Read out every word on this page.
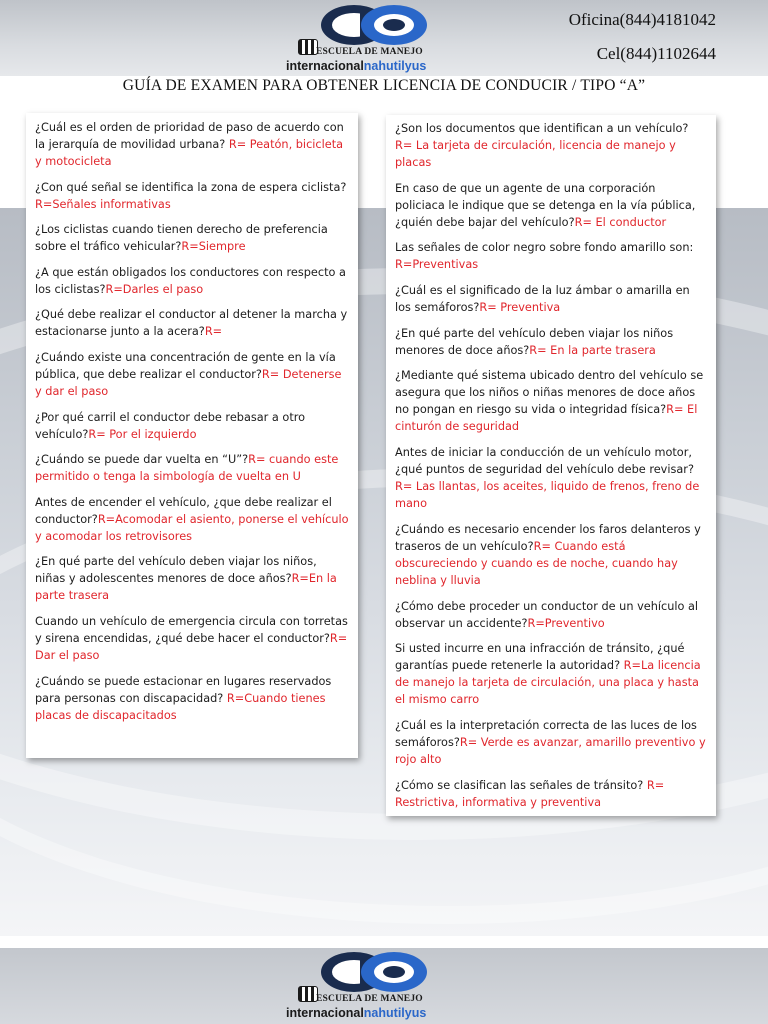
ESCUELA DE MANEJO
internacionalnahutilyus
Oficina(844)4181042
Cel(844)1102644
GUÍA DE EXAMEN PARA OBTENER LICENCIA DE CONDUCIR / TIPO “A”

¿Cuál es el orden de prioridad de paso de acuerdo con la jerarquía de movilidad urbana? R= Peatón, bicicleta y motocicleta

¿Con qué señal se identifica la zona de espera ciclista?R=Señales informativas

¿Los ciclistas cuando tienen derecho de preferencia sobre el tráfico vehicular?R=Siempre

¿A que están obligados los conductores con respecto a los ciclistas?R=Darles el paso

¿Qué debe realizar el conductor al detener la marcha y estacionarse junto a la acera?R=

¿Cuándo existe una concentración de gente en la vía pública, que debe realizar el conductor?R= Detenerse y dar el paso

¿Por qué carril el conductor debe rebasar a otro vehículo?R= Por el izquierdo

¿Cuándo se puede dar vuelta en “U”?R= cuando este permitido o tenga la simbología de vuelta en U

Antes de encender el vehículo, ¿que debe realizar el conductor?R=Acomodar el asiento, ponerse el vehículo y acomodar los retrovisores

¿En qué parte del vehículo deben viajar los niños, niñas y adolescentes menores de doce años?R=En la parte trasera

Cuando un vehículo de emergencia circula con torretas y sirena encendidas, ¿qué debe hacer el conductor?R= Dar el paso

¿Cuándo se puede estacionar en lugares reservados para personas con discapacidad? R=Cuando tienes placas de discapacitados

¿Son los documentos que identifican a un vehículo? R= La tarjeta de circulación, licencia de manejo y placas

En caso de que un agente de una corporación policiaca le indique que se detenga en la vía pública, ¿quién debe bajar del vehículo?R= El conductor

Las señales de color negro sobre fondo amarillo son: R=Preventivas

¿Cuál es el significado de la luz ámbar o amarilla en los semáforos?R= Preventiva

¿En qué parte del vehículo deben viajar los niños menores de doce años?R= En la parte trasera

¿Mediante qué sistema ubicado dentro del vehículo se asegura que los niños o niñas menores de doce años no pongan en riesgo su vida o integridad física?R= El cinturón de seguridad

Antes de iniciar la conducción de un vehículo motor, ¿qué puntos de seguridad del vehículo debe revisar?R= Las llantas, los aceites, liquido de frenos, freno de mano

¿Cuándo es necesario encender los faros delanteros y traseros de un vehículo?R= Cuando está obscureciendo y cuando es de noche, cuando hay neblina y lluvia

¿Cómo debe proceder un conductor de un vehículo al observar un accidente?R=Preventivo

Si usted incurre en una infracción de tránsito, ¿qué garantías puede retenerle la autoridad? R=La licencia de manejo la tarjeta de circulación, una placa y hasta el mismo carro

¿Cuál es la interpretación correcta de las luces de los semáforos?R= Verde es avanzar, amarillo preventivo y rojo alto

¿Cómo se clasifican las señales de tránsito? R= Restrictiva, informativa y preventiva

ESCUELA DE MANEJO
internacionalnahutilyus
